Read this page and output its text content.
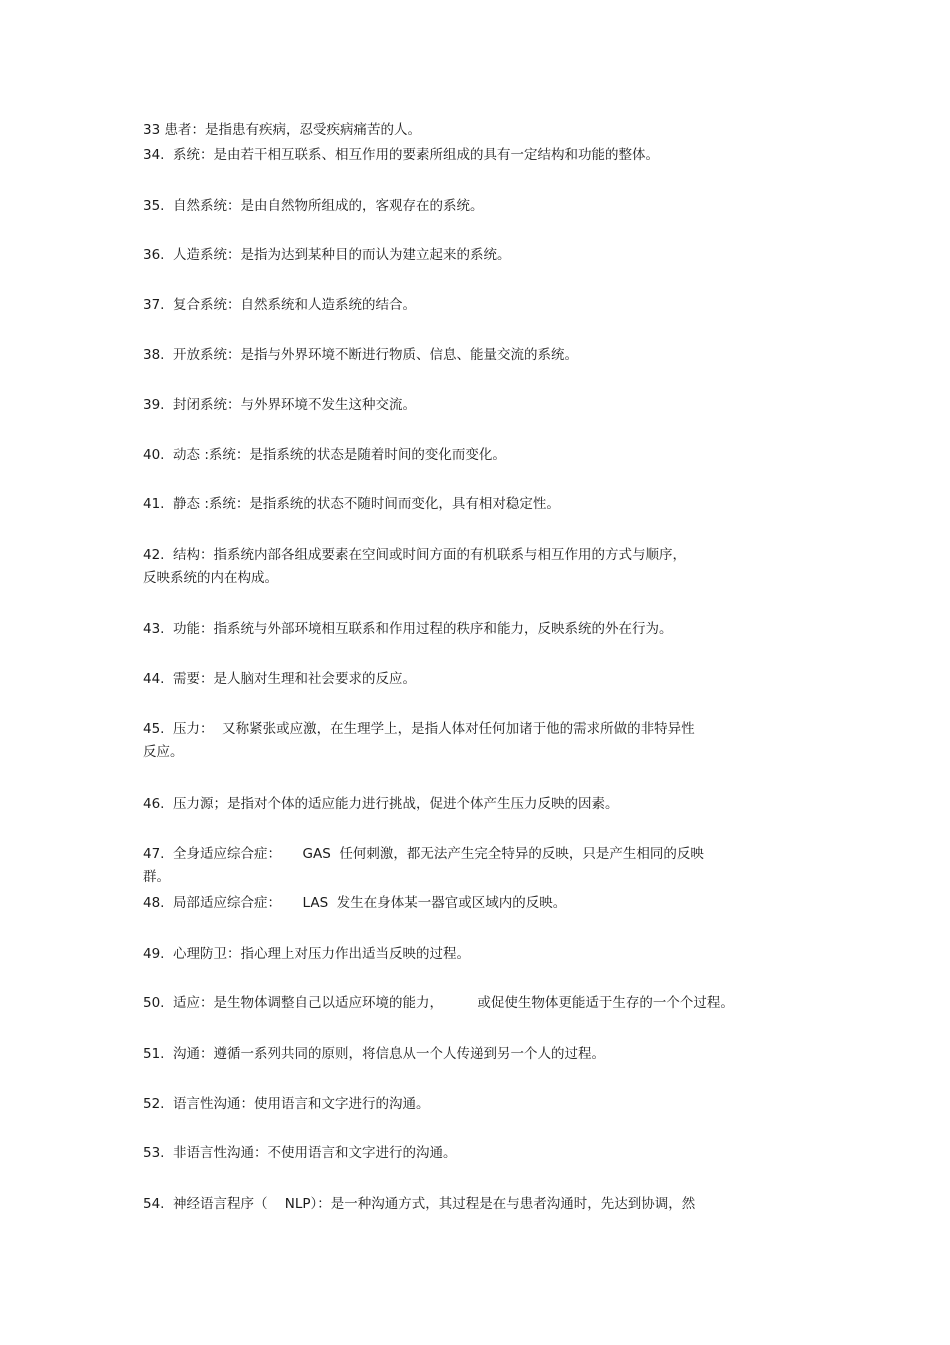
33 患者：是指患有疾病，忍受疾病痛苦的人。
34.  系统：是由若干相互联系、相互作用的要素所组成的具有一定结构和功能的整体。
35.  自然系统：是由自然物所组成的，客观存在的系统。
36.  人造系统：是指为达到某种目的而认为建立起来的系统。
37.  复合系统：自然系统和人造系统的结合。
38.  开放系统：是指与外界环境不断进行物质、信息、能量交流的系统。
39.  封闭系统：与外界环境不发生这种交流。
40.  动态 :系统：是指系统的状态是随着时间的变化而变化。
41.  静态 :系统：是指系统的状态不随时间而变化，具有相对稳定性。
42.  结构：指系统内部各组成要素在空间或时间方面的有机联系与相互作用的方式与顺序，
反映系统的内在构成。
43.  功能：指系统与外部环境相互联系和作用过程的秩序和能力，反映系统的外在行为。
44.  需要：是人脑对生理和社会要求的反应。
45.  压力：  又称紧张或应激，在生理学上，是指人体对任何加诸于他的需求所做的非特异性
反应。
46.  压力源；是指对个体的适应能力进行挑战，促进个体产生压力反映的因素。
47.  全身适应综合症：     GAS  任何刺激，都无法产生完全特异的反映，只是产生相同的反映
群。
48.  局部适应综合症：     LAS  发生在身体某一器官或区域内的反映。
49.  心理防卫：指心理上对压力作出适当反映的过程。
50.  适应：是生物体调整自己以适应环境的能力，        或促使生物体更能适于生存的一个个过程。
51.  沟通：遵循一系列共同的原则，将信息从一个人传递到另一个人的过程。
52.  语言性沟通：使用语言和文字进行的沟通。
53.  非语言性沟通：不使用语言和文字进行的沟通。
54.  神经语言程序（    NLP）：是一种沟通方式，其过程是在与患者沟通时，先达到协调，然
